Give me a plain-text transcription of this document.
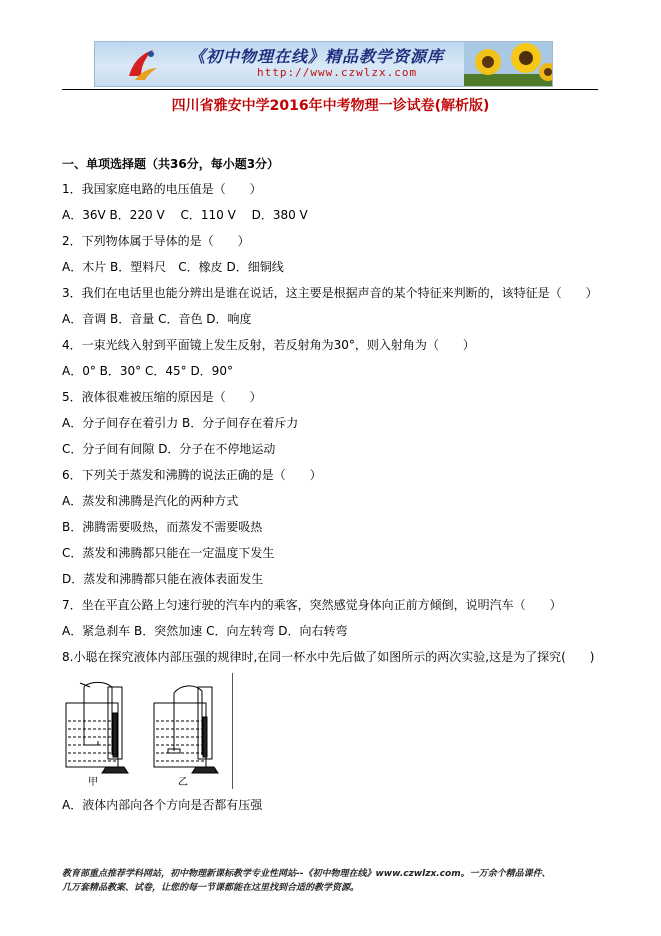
《初中物理在线》精品教学资源库
http://www.czwlzx.com
四川省雅安中学2016年中考物理一诊试卷(解析版)
一、单项选择题（共36分，每小题3分）
1．我国家庭电路的电压值是（　　）
A．36V B．220 V　 C．110 V　 D．380 V
2．下列物体属于导体的是（　　）
A．木片 B．塑料尺　C．橡皮 D．细铜线
3．我们在电话里也能分辨出是谁在说话，这主要是根据声音的某个特征来判断的，该特征是（　　）
A．音调 B．音量 C．音色 D．响度
4．一束光线入射到平面镜上发生反射，若反射角为30°，则入射角为（　　）
A．0° B．30° C．45° D．90°
5．液体很难被压缩的原因是（　　）
A．分子间存在着引力 B．分子间存在着斥力
C．分子间有间隙 D．分子在不停地运动
6．下列关于蒸发和沸腾的说法正确的是（　　）
A．蒸发和沸腾是汽化的两种方式
B．沸腾需要吸热，而蒸发不需要吸热
C．蒸发和沸腾都只能在一定温度下发生
D．蒸发和沸腾都只能在液体表面发生
7．坐在平直公路上匀速行驶的汽车内的乘客，突然感觉身体向正前方倾倒，说明汽车（　　）
A．紧急刹车 B．突然加速 C．向左转弯 D．向右转弯
8.小聪在探究液体内部压强的规律时,在同一杯水中先后做了如图所示的两次实验,这是为了探究(　　)
甲	乙
A．液体内部向各个方向是否都有压强
教育部重点推荐学科网站，初中物理新课标教学专业性网站--《初中物理在线》www.czwlzx.com。一万余个精品课件、
几万套精品教案、试卷，让您的每一节课都能在这里找到合适的教学资源。
